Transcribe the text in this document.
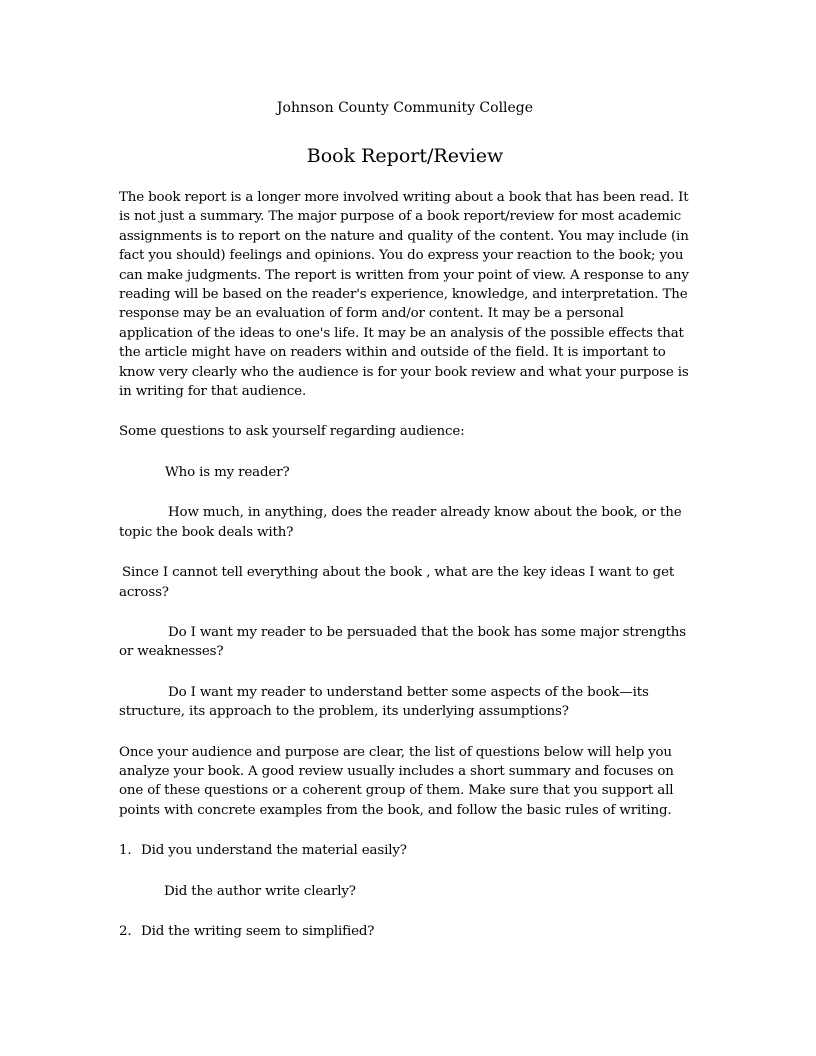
Johnson County Community College
Book Report/Review

The book report is a longer more involved writing about a book that has been read. It is not just a summary. The major purpose of a book report/review for most academic assignments is to report on the nature and quality of the content. You may include (in fact you should) feelings and opinions. You do express your reaction to the book; you can make judgments. The report is written from your point of view. A response to any reading will be based on the reader's experience, knowledge, and interpretation. The response may be an evaluation of form and/or content. It may be a personal application of the ideas to one's life. It may be an analysis of the possible effects that the article might have on readers within and outside of the field. It is important to know very clearly who the audience is for your book review and what your purpose is in writing for that audience.

Some questions to ask yourself regarding audience:

Who is my reader?

How much, in anything, does the reader already know about the book, or the topic the book deals with?

Since I cannot tell everything about the book , what are the key ideas I want to get across?

Do I want my reader to be persuaded that the book has some major strengths or weaknesses?

Do I want my reader to understand better some aspects of the book—its structure, its approach to the problem, its underlying assumptions?

Once your audience and purpose are clear, the list of questions below will help you analyze your book. A good review usually includes a short summary and focuses on one of these questions or a coherent group of them. Make sure that you support all points with concrete examples from the book, and follow the basic rules of writing.

1. Did you understand the material easily?

Did the author write clearly?

2. Did the writing seem to simplified?
